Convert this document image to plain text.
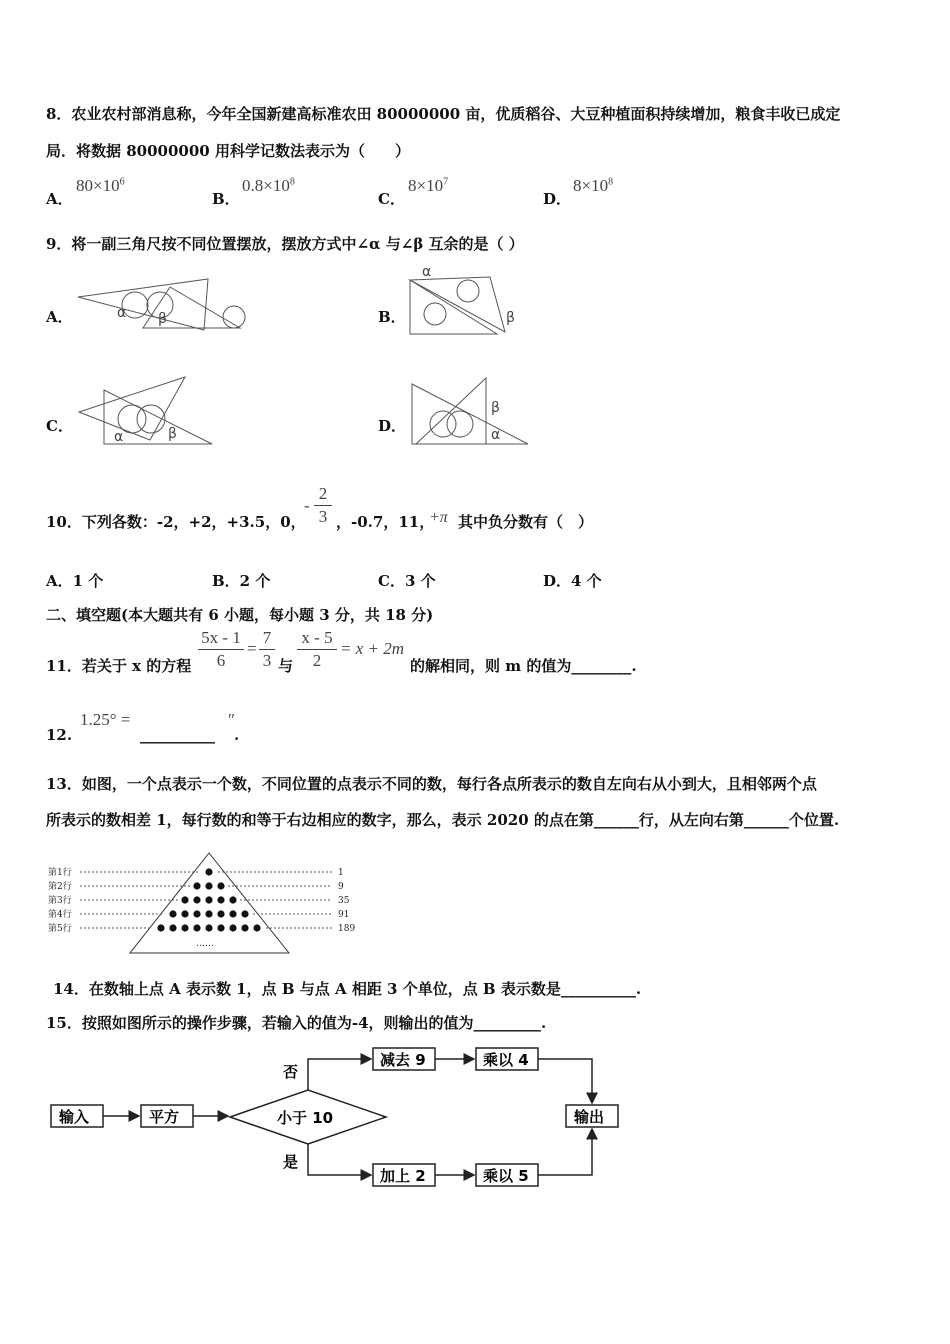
8．农业农村部消息称，今年全国新建高标准农田 80000000 亩，优质稻谷、大豆种植面积持续增加，粮食丰收已成定
局．将数据 80000000 用科学记数法表示为（　　）
A．
$80\times 10^6$
B．
$0.8\times 10^8$
C．
$8\times 10^7$
D．
$8\times 10^8$
9．将一副三角尺按不同位置摆放，摆放方式中∠α 与∠β 互余的是（ ）
A．	α β	B．
α
β
C．
α	β	D．
β
α
10．下列各数：-2，+2，+3.5，0，
- $\frac{2}{3}$ ，-0.7，11，
+π 其中负分数有（　）
A．1 个	B．2 个	C．3 个	D．4 个
二、填空题(本大题共有 6 小题，每小题 3 分，共 18 分)
11．若关于 x 的方程 $\frac{5x - 1}{6} = \frac{7}{3}$ 与 $\frac{x - 5}{2} = x + 2m$
的解相同，则 m 的值为________.
12.
1.25° =
__________
″
.
13．如图，一个点表示一个数，不同位置的点表示不同的数，每行各点所表示的数自左向右从小到大，且相邻两个点
所表示的数相差 1，每行数的和等于右边相应的数字，那么，表示 2020 的点在第______行，从左向右第______个位置.
第1行
第2行
第3行
第4行
第5行
1
9
35
91
189
……
14．在数轴上点 A 表示数 1，点 B 与点 A 相距 3 个单位，点 B 表示数是__________.
15．按照如图所示的操作步骤，若输入的值为-4，则输出的值为_________.
输入	平方	小于 10
否
是
减去 9	乘以 4
加上 2	乘以 5
输出
